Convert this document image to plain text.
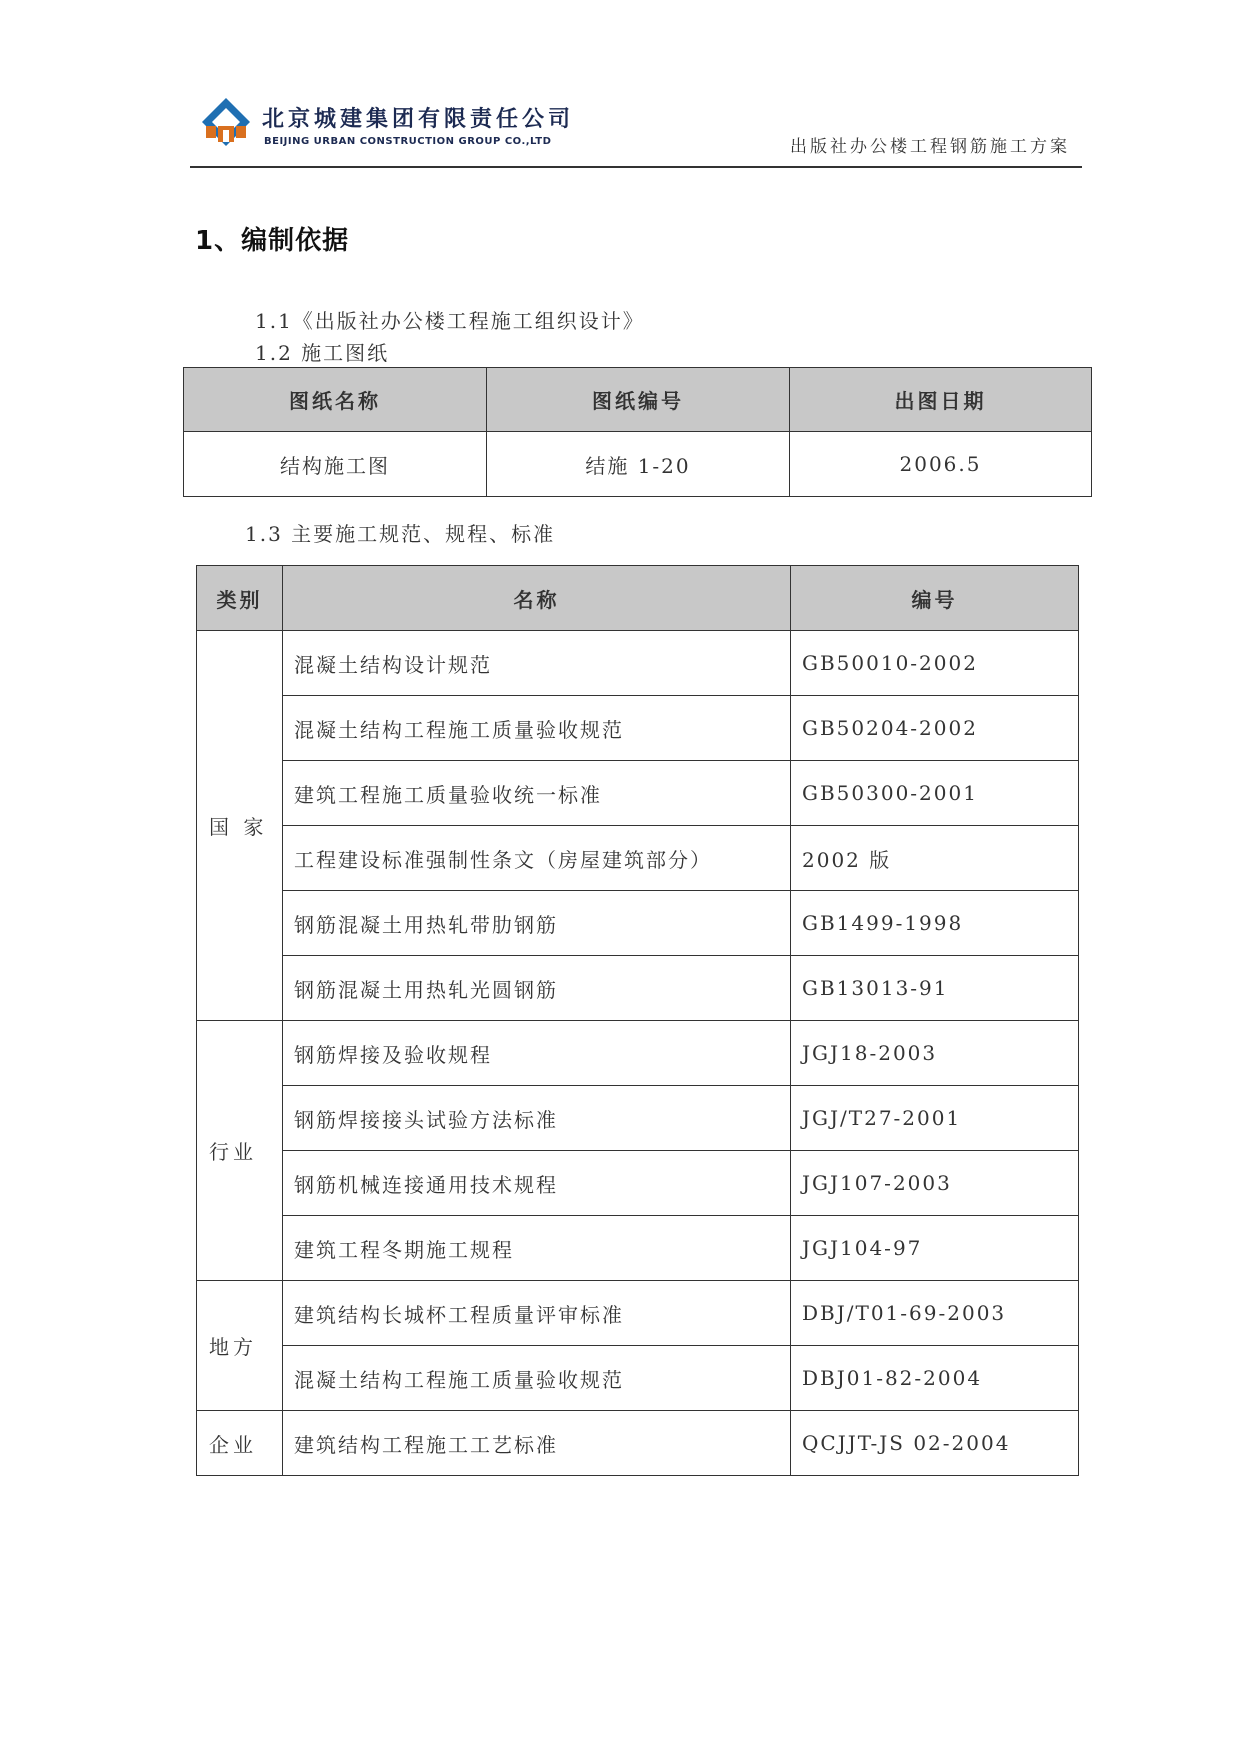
北京城建集团有限责任公司
BEIJING URBAN CONSTRUCTION GROUP CO.,LTD	出版社办公楼工程钢筋施工方案
1、编制依据
1.1《出版社办公楼工程施工组织设计》
1.2 施工图纸
图纸名称	图纸编号	出图日期
结构施工图	结施 1-20	2006.5
1.3 主要施工规范、规程、标准
类别	名称	编号
国 家	混凝土结构设计规范	GB50010-2002
	混凝土结构工程施工质量验收规范	GB50204-2002
	建筑工程施工质量验收统一标准	GB50300-2001
	工程建设标准强制性条文（房屋建筑部分）	2002 版
	钢筋混凝土用热轧带肋钢筋	GB1499-1998
	钢筋混凝土用热轧光圆钢筋	GB13013-91
行业	钢筋焊接及验收规程	JGJ18-2003
	钢筋焊接接头试验方法标准	JGJ/T27-2001
	钢筋机械连接通用技术规程	JGJ107-2003
	建筑工程冬期施工规程	JGJ104-97
地方	建筑结构长城杯工程质量评审标准	DBJ/T01-69-2003
	混凝土结构工程施工质量验收规范	DBJ01-82-2004
企业	建筑结构工程施工工艺标准	QCJJT-JS 02-2004
